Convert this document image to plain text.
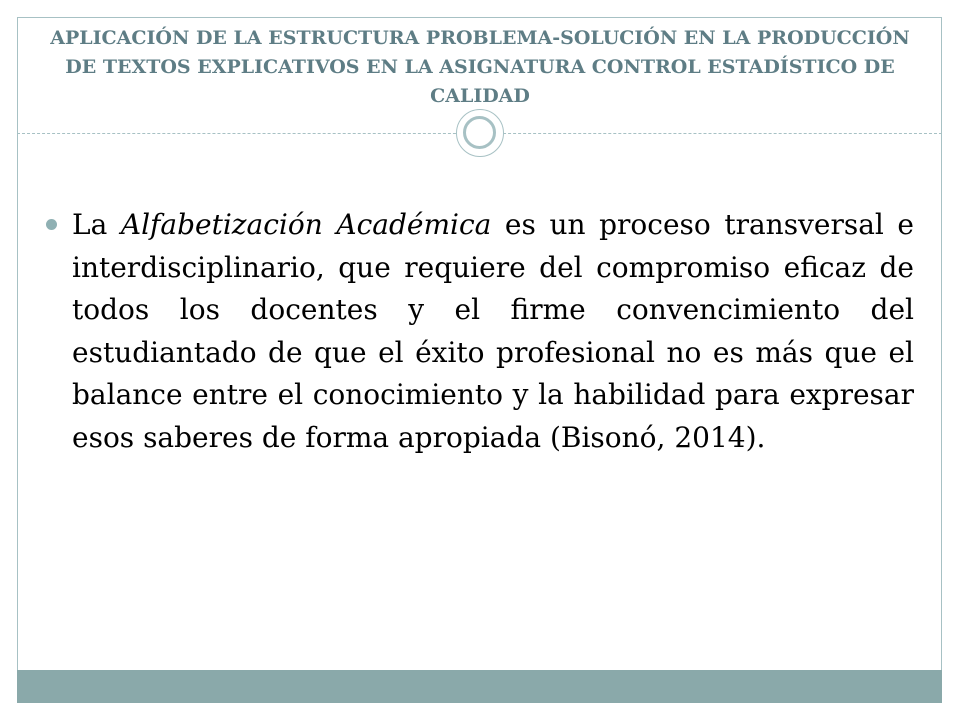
APLICACIÓN DE LA ESTRUCTURA PROBLEMA-SOLUCIÓN EN LA PRODUCCIÓN DE TEXTOS EXPLICATIVOS EN LA ASIGNATURA CONTROL ESTADÍSTICO DE CALIDAD

La Alfabetización Académica es un proceso transversal e interdisciplinario, que requiere del compromiso eficaz de todos los docentes y el firme convencimiento del estudiantado de que el éxito profesional no es más que el balance entre el conocimiento y la habilidad para expresar esos saberes de forma apropiada (Bisonó, 2014).
